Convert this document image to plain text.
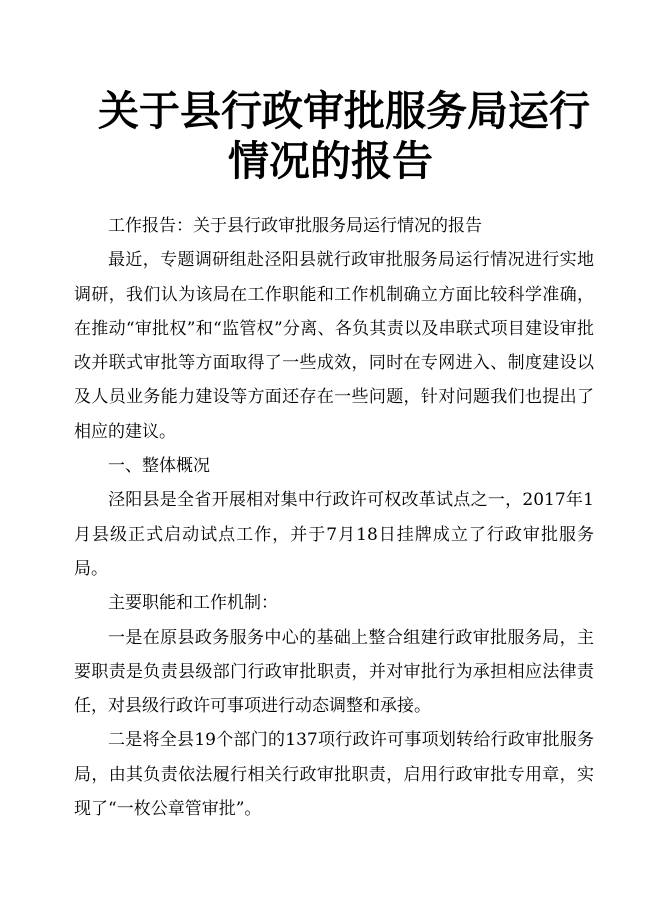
关于县行政审批服务局运行
情况的报告

工作报告：关于县行政审批服务局运行情况的报告

最近，专题调研组赴泾阳县就行政审批服务局运行情况进行实地调研，我们认为该局在工作职能和工作机制确立方面比较科学准确，在推动“审批权”和“监管权”分离、各负其责以及串联式项目建设审批改并联式审批等方面取得了一些成效，同时在专网进入、制度建设以及人员业务能力建设等方面还存在一些问题，针对问题我们也提出了相应的建议。

一、整体概况

泾阳县是全省开展相对集中行政许可权改革试点之一，2017年1月县级正式启动试点工作，并于7月18日挂牌成立了行政审批服务局。

主要职能和工作机制：

一是在原县政务服务中心的基础上整合组建行政审批服务局，主要职责是负责县级部门行政审批职责，并对审批行为承担相应法律责任，对县级行政许可事项进行动态调整和承接。

二是将全县19个部门的137项行政许可事项划转给行政审批服务局，由其负责依法履行相关行政审批职责，启用行政审批专用章，实现了“一枚公章管审批”。
